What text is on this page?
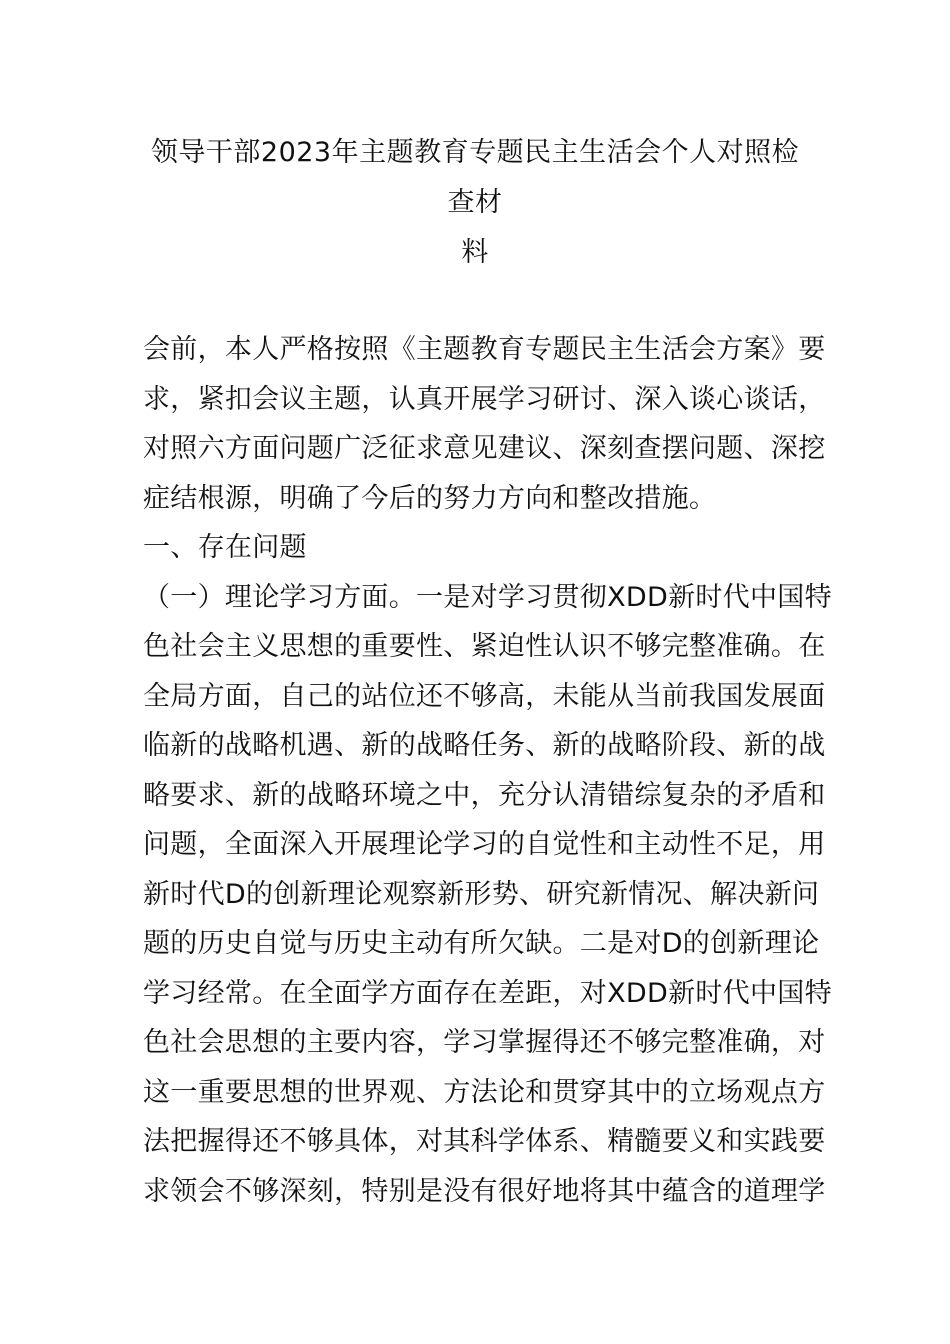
领导干部2023年主题教育专题民主生活会个人对照检查材
料
会前，本人严格按照《主题教育专题民主生活会方案》要
求，紧扣会议主题，认真开展学习研讨、深入谈心谈话，
对照六方面问题广泛征求意见建议、深刻查摆问题、深挖
症结根源，明确了今后的努力方向和整改措施。
一、存在问题
（一）理论学习方面。一是对学习贯彻XDD新时代中国特
色社会主义思想的重要性、紧迫性认识不够完整准确。在
全局方面，自己的站位还不够高，未能从当前我国发展面
临新的战略机遇、新的战略任务、新的战略阶段、新的战
略要求、新的战略环境之中，充分认清错综复杂的矛盾和
问题，全面深入开展理论学习的自觉性和主动性不足，用
新时代D的创新理论观察新形势、研究新情况、解决新问
题的历史自觉与历史主动有所欠缺。二是对D的创新理论
学习经常。在全面学方面存在差距，对XDD新时代中国特
色社会思想的主要内容，学习掌握得还不够完整准确，对
这一重要思想的世界观、方法论和贯穿其中的立场观点方
法把握得还不够具体，对其科学体系、精髓要义和实践要
求领会不够深刻，特别是没有很好地将其中蕴含的道理学
